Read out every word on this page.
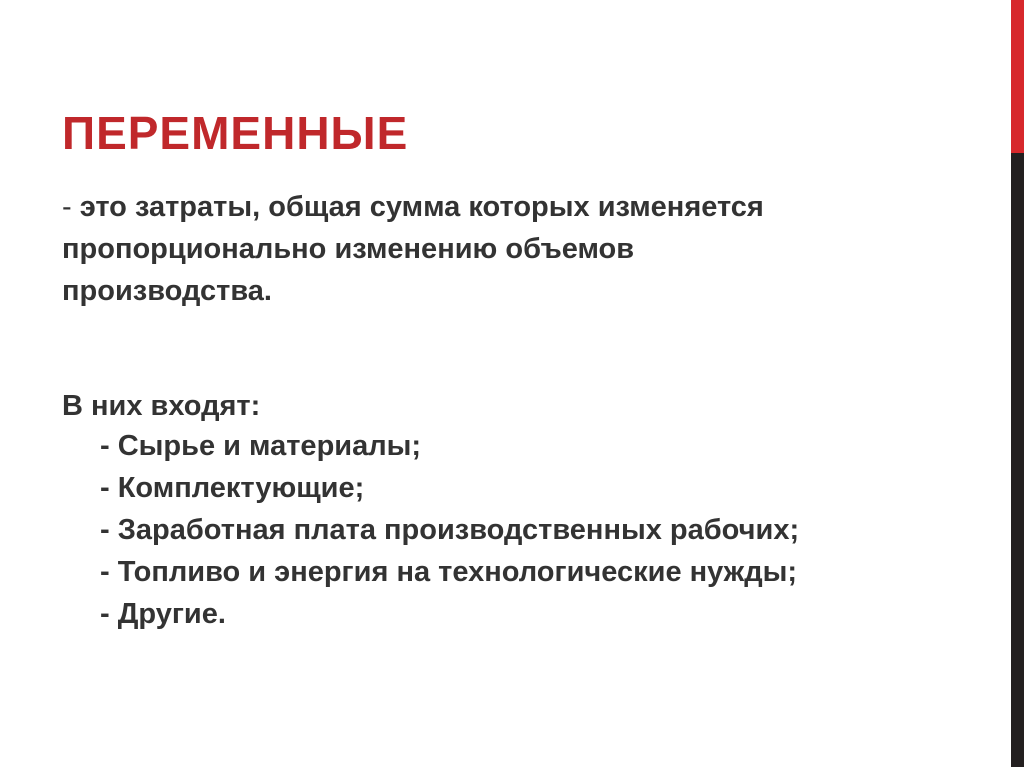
ПЕРЕМЕННЫЕ

- это затраты, общая сумма которых изменяется
пропорционально изменению объемов
производства.

В них входят:

- Сырье и материалы;
- Комплектующие;
- Заработная плата производственных рабочих;
- Топливо и энергия на технологические нужды;
- Другие.
